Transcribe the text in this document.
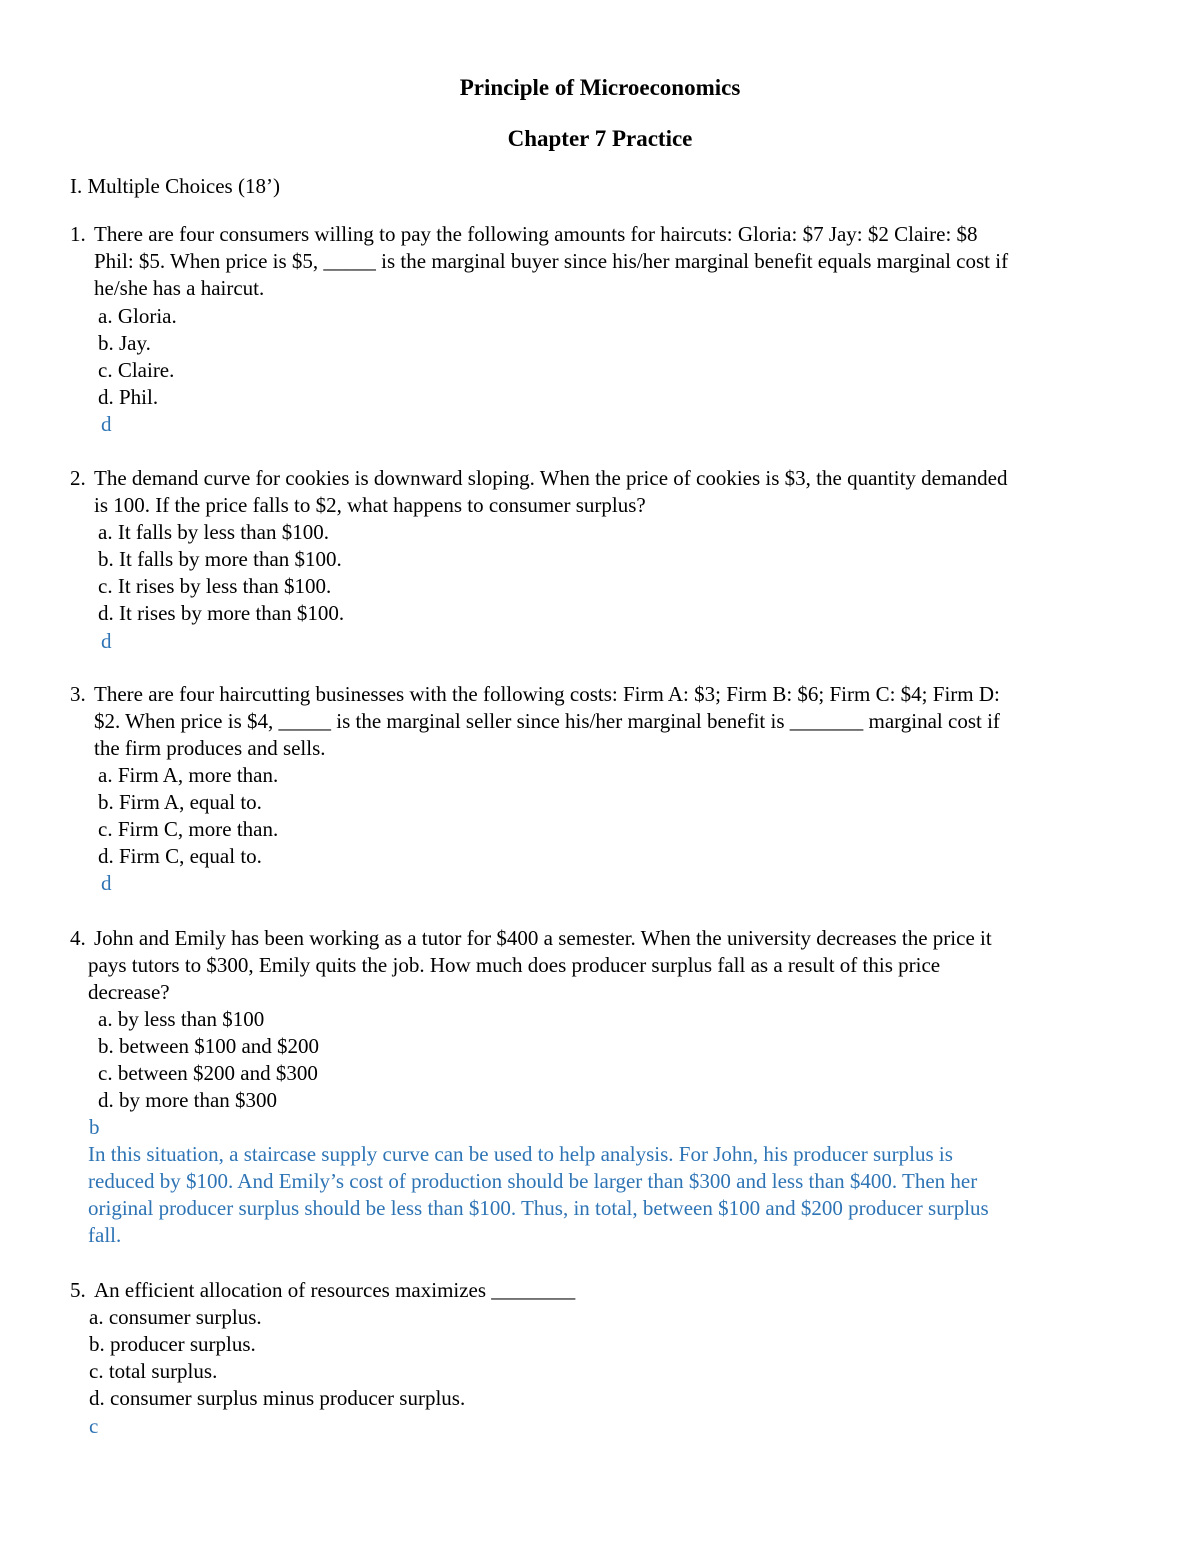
Principle of Microeconomics
Chapter 7 Practice

I. Multiple Choices (18’)

1. There are four consumers willing to pay the following amounts for haircuts: Gloria: $7 Jay: $2 Claire: $8
Phil: $5. When price is $5, _____ is the marginal buyer since his/her marginal benefit equals marginal cost if
he/she has a haircut.
a. Gloria.
b. Jay.
c. Claire.
d. Phil.
d
2. The demand curve for cookies is downward sloping. When the price of cookies is $3, the quantity demanded
is 100. If the price falls to $2, what happens to consumer surplus?
a. It falls by less than $100.
b. It falls by more than $100.
c. It rises by less than $100.
d. It rises by more than $100.
d
3. There are four haircutting businesses with the following costs: Firm A: $3; Firm B: $6; Firm C: $4; Firm D:
$2. When price is $4, _____ is the marginal seller since his/her marginal benefit is _______ marginal cost if
the firm produces and sells.
a. Firm A, more than.
b. Firm A, equal to.
c. Firm C, more than.
d. Firm C, equal to.
d
4. John and Emily has been working as a tutor for $400 a semester. When the university decreases the price it
pays tutors to $300, Emily quits the job. How much does producer surplus fall as a result of this price
decrease?
a. by less than $100
b. between $100 and $200
c. between $200 and $300
d. by more than $300
b
In this situation, a staircase supply curve can be used to help analysis. For John, his producer surplus is
reduced by $100. And Emily’s cost of production should be larger than $300 and less than $400. Then her
original producer surplus should be less than $100. Thus, in total, between $100 and $200 producer surplus
fall.
5. An efficient allocation of resources maximizes ________
a. consumer surplus.
b. producer surplus.
c. total surplus.
d. consumer surplus minus producer surplus.
c
